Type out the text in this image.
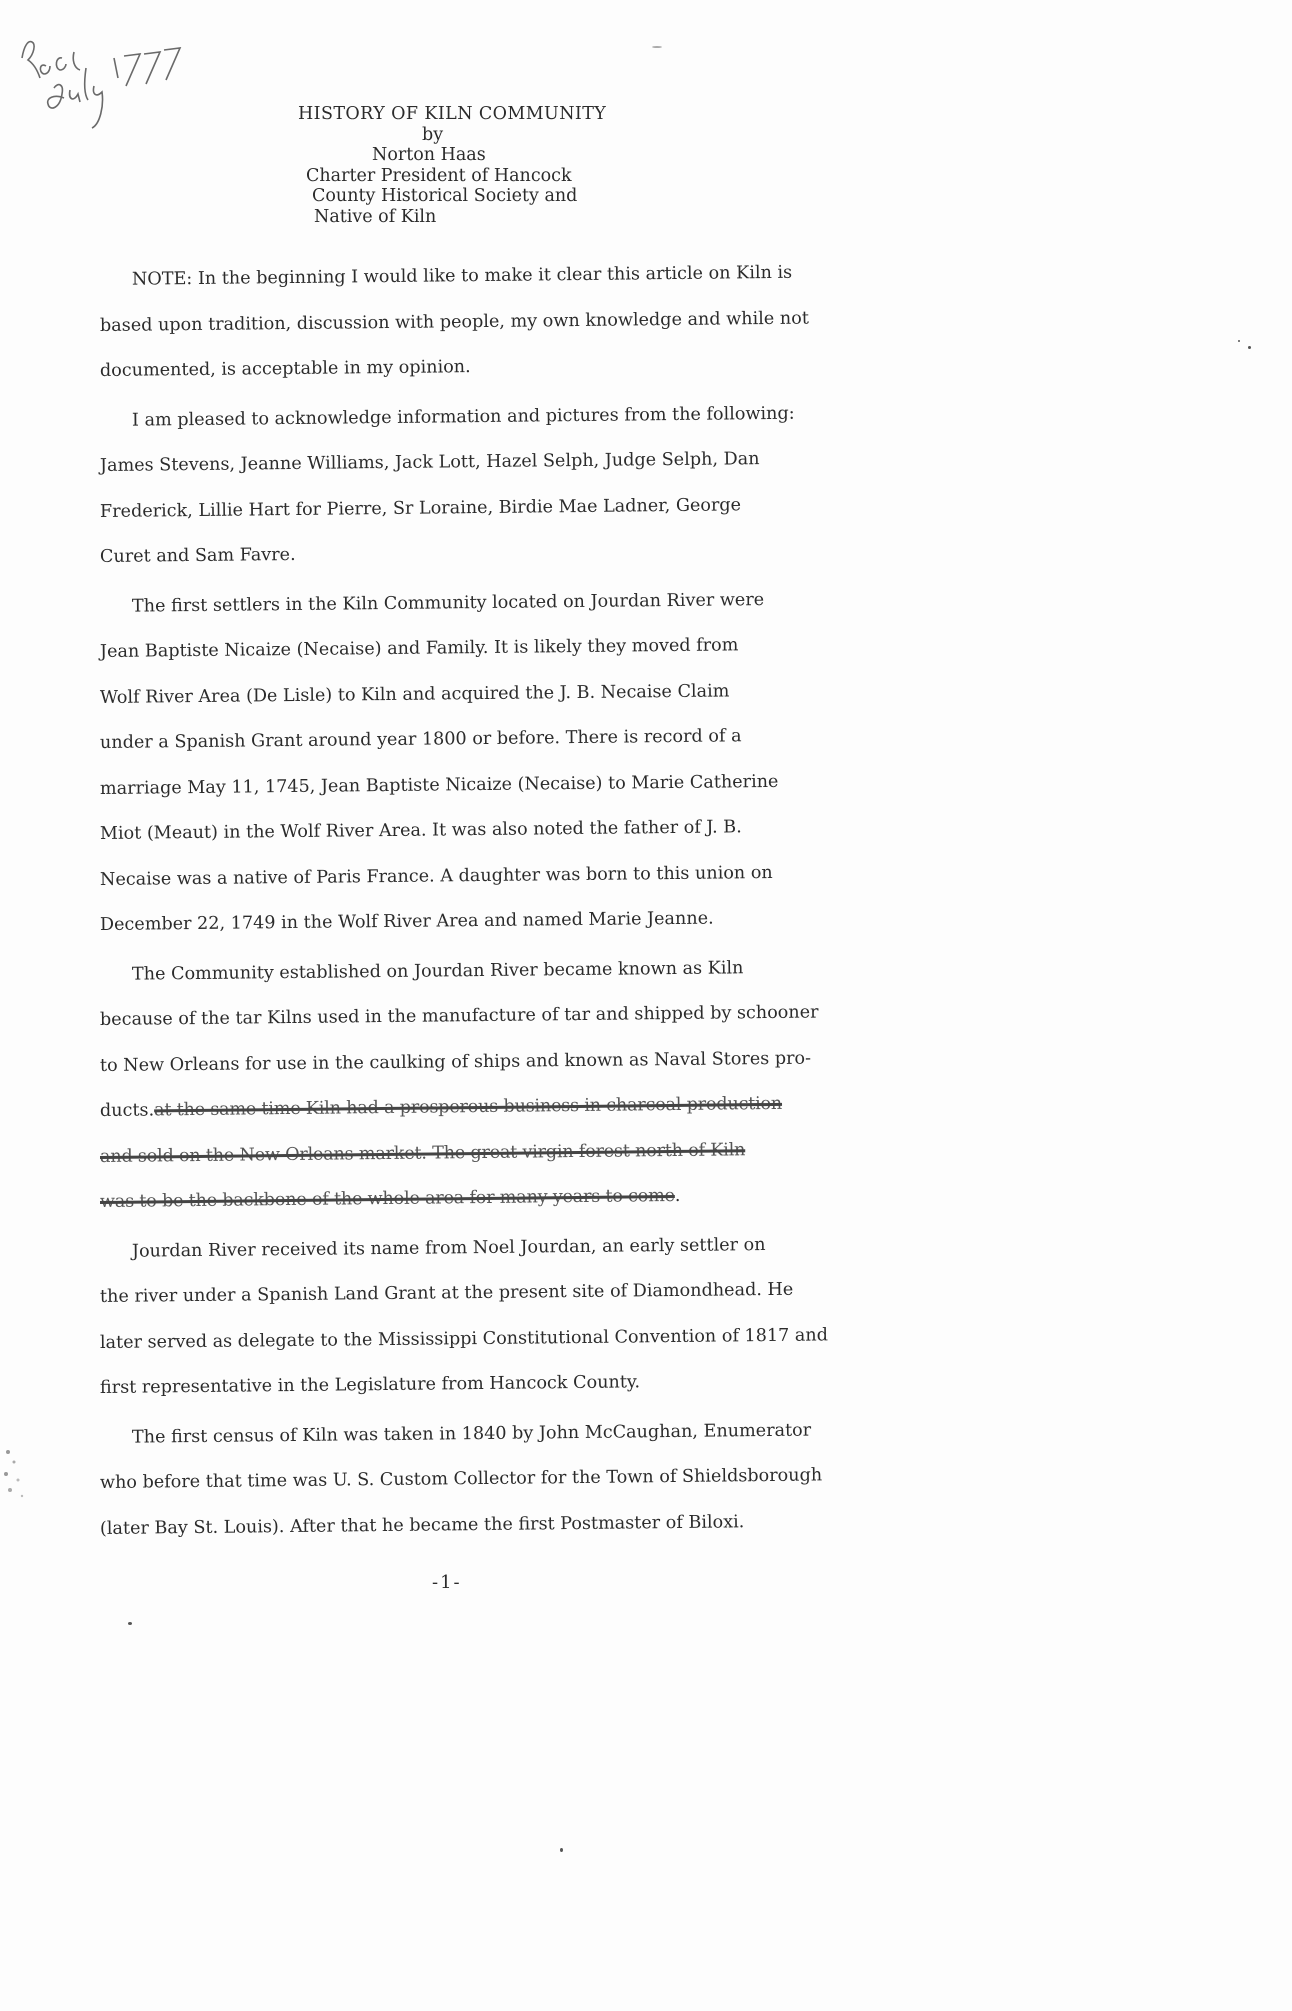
HISTORY OF KILN COMMUNITY
by
Norton Haas
Charter President of Hancock
County Historical Society and
Native of Kiln
NOTE: In the beginning I would like to make it clear this article on Kiln is
based upon tradition, discussion with people, my own knowledge and while not
documented, is acceptable in my opinion.
I am pleased to acknowledge information and pictures from the following:
James Stevens, Jeanne Williams, Jack Lott, Hazel Selph, Judge Selph, Dan
Frederick, Lillie Hart for Pierre, Sr Loraine, Birdie Mae Ladner, George
Curet and Sam Favre.
The first settlers in the Kiln Community located on Jourdan River were
Jean Baptiste Nicaize (Necaise) and Family. It is likely they moved from
Wolf River Area (De Lisle) to Kiln and acquired the J. B. Necaise Claim
under a Spanish Grant around year 1800 or before. There is record of a
marriage May 11, 1745, Jean Baptiste Nicaize (Necaise) to Marie Catherine
Miot (Meaut) in the Wolf River Area. It was also noted the father of J. B.
Necaise was a native of Paris France. A daughter was born to this union on
December 22, 1749 in the Wolf River Area and named Marie Jeanne.
The Community established on Jourdan River became known as Kiln
because of the tar Kilns used in the manufacture of tar and shipped by schooner
to New Orleans for use in the caulking of ships and known as Naval Stores pro-
ducts.at the same time Kiln had a prosperous business in charcoal production
and sold on the New Orleans market. The great virgin forest north of Kiln
was to be the backbone of the whole area for many years to come.
Jourdan River received its name from Noel Jourdan, an early settler on
the river under a Spanish Land Grant at the present site of Diamondhead. He
later served as delegate to the Mississippi Constitutional Convention of 1817 and
first representative in the Legislature from Hancock County.
The first census of Kiln was taken in 1840 by John McCaughan, Enumerator
who before that time was U. S. Custom Collector for the Town of Shieldsborough
(later Bay St. Louis). After that he became the first Postmaster of Biloxi.
-1-
